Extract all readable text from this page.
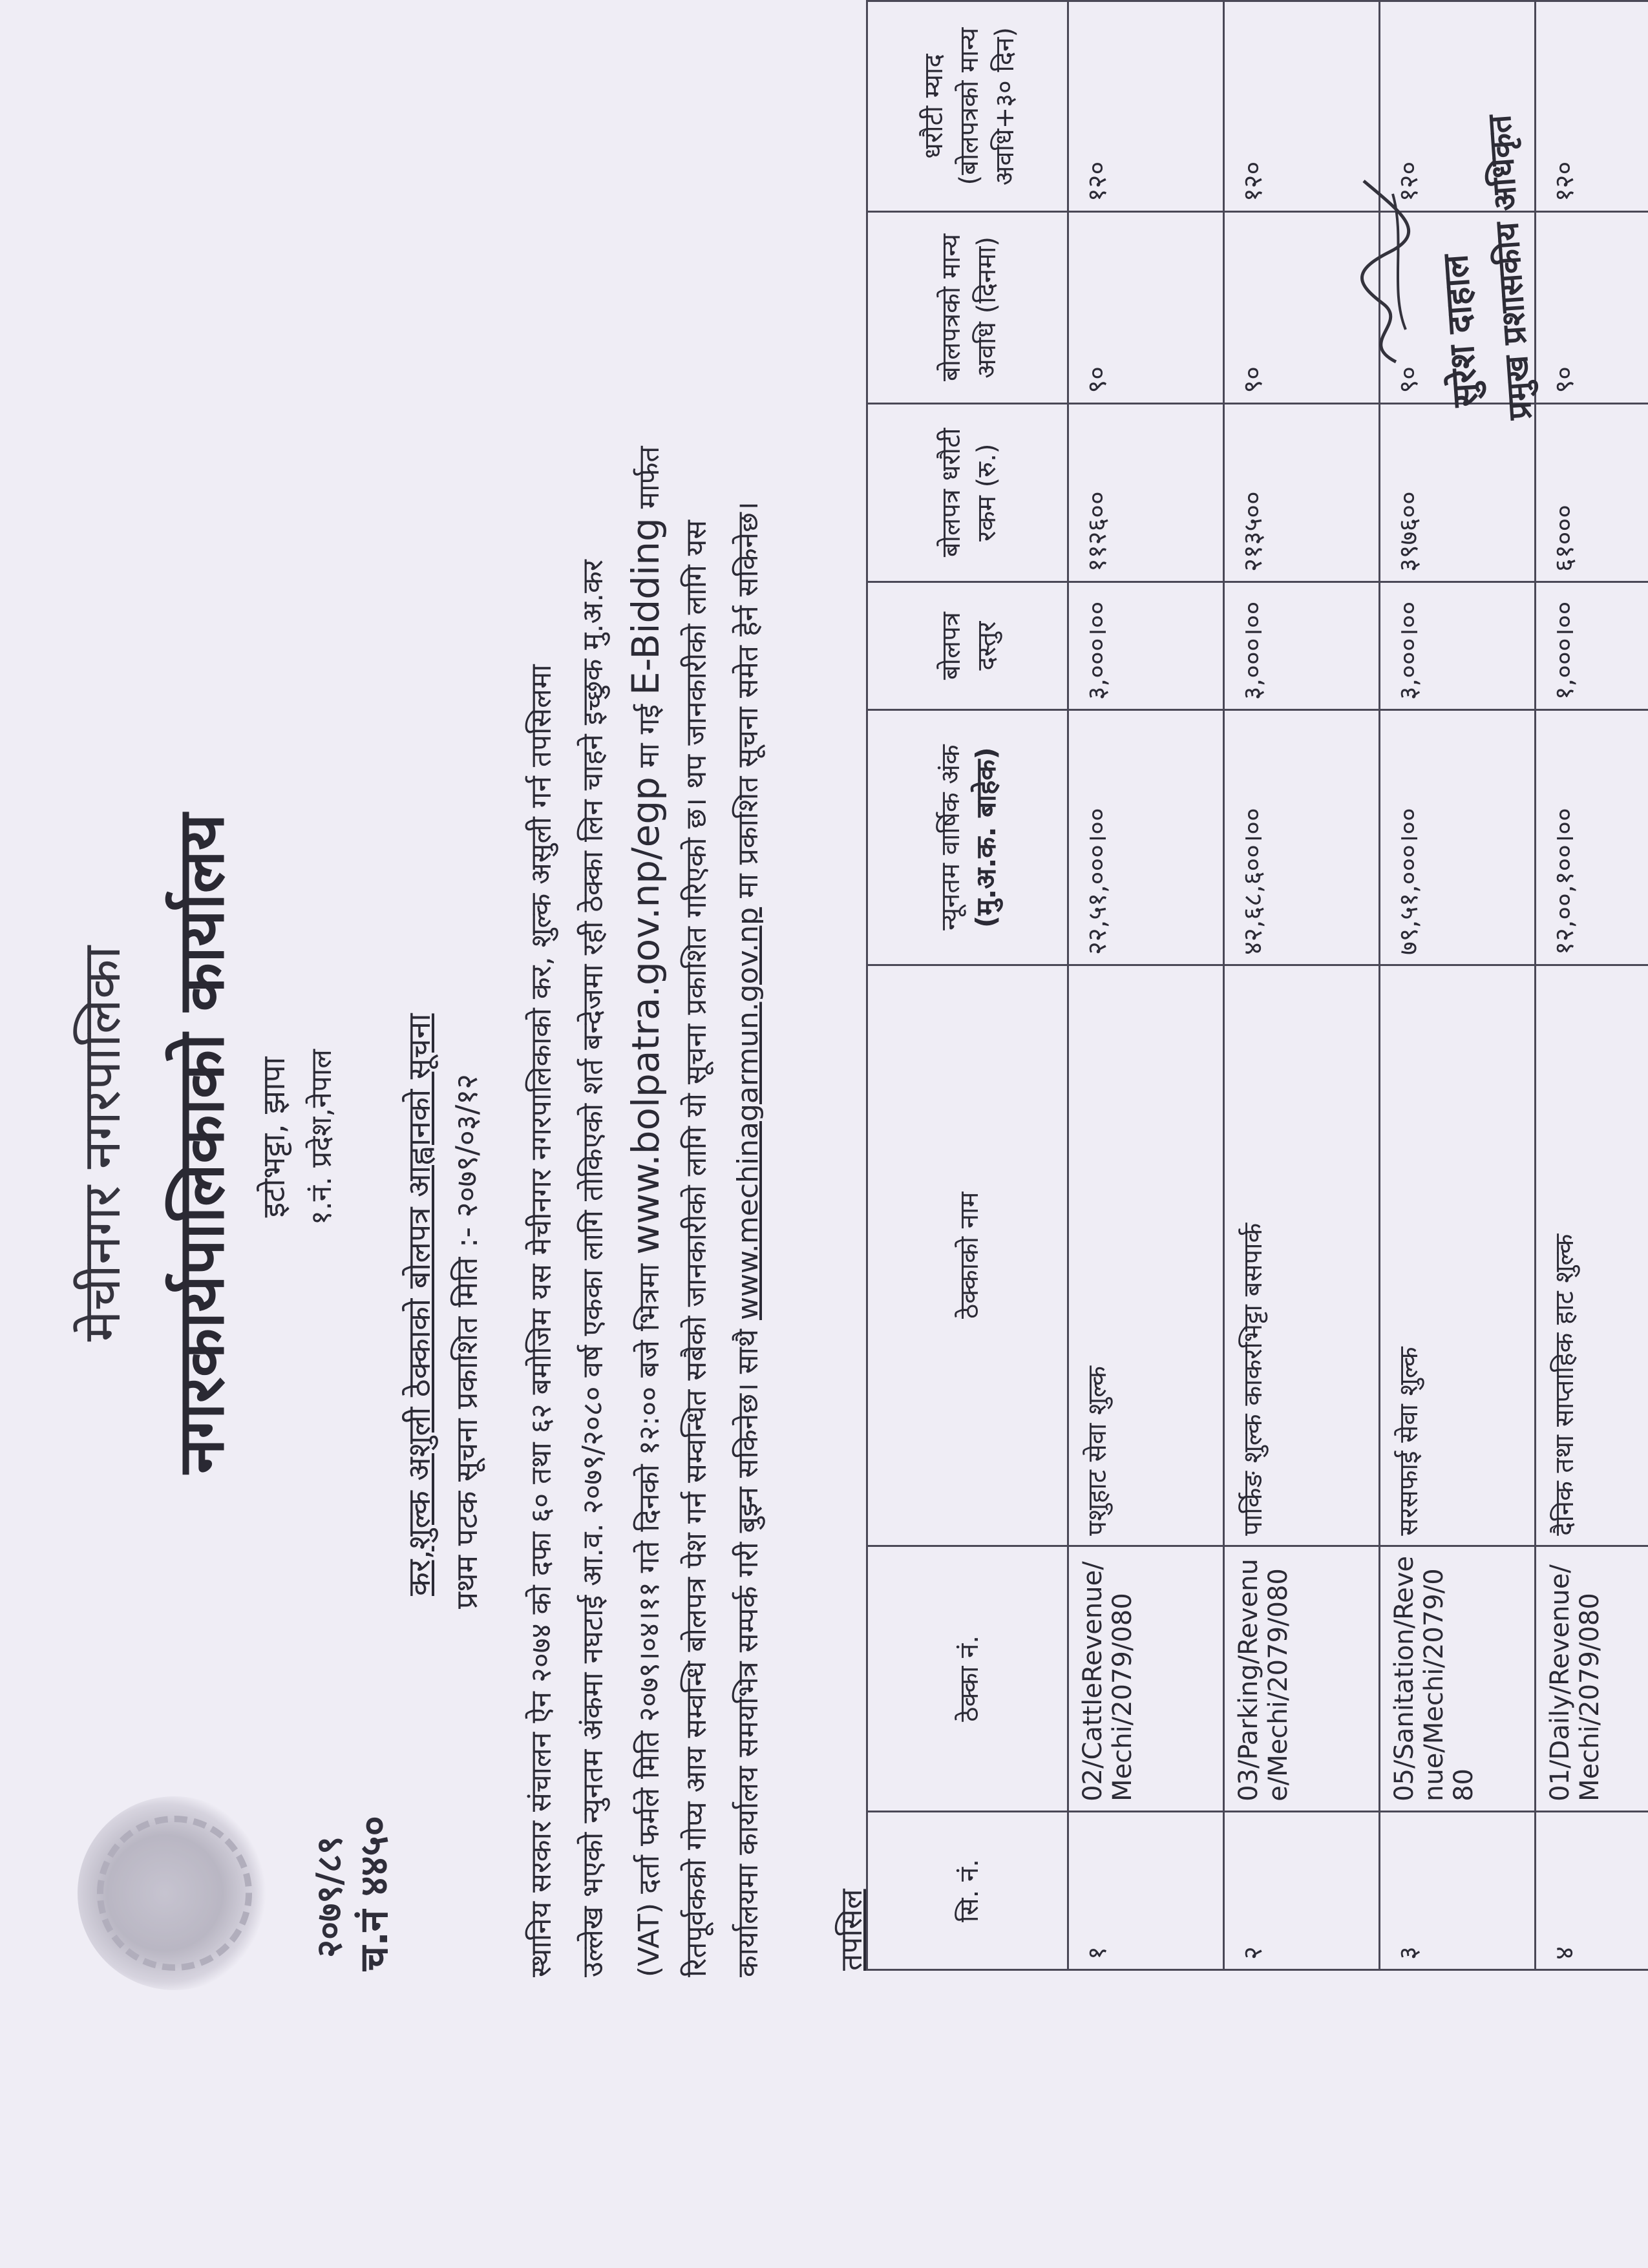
मेचीनगर नगरपालिका नगरकार्यपालिकाको कार्यालय इटोभट्टा, झापा १.नं. प्रदेश,नेपाल
२०७९/८९ च.नं ४४५०
कर,शुल्क अशुली ठेक्काको बोलपत्र आह्वानको सूचना प्रथम पटक सूचना प्रकाशित मिति :- २०७९/०३/१२ स्थानिय सरकार संचालन ऐन २०७४ को दफा ६० तथा ६२ बमोजिम यस मेचीनगर नगरपालिकाको कर, शुल्क असुली गर्न तपसिलमा उल्लेख भएको न्युनतम अंकमा नघटाई आ.व. २०७९/२०८० वर्ष एकका लागि तोकिएको शर्त बन्देजमा रही ठेक्का लिन चाहने इच्छुक मु.अ.कर (VAT) दर्ता फर्मले मिति २०७९।०४।११ गते दिनको १२:०० बजे भित्रमा www.bolpatra.gov.np/egp मा गई E-Bidding मार्फत
रितपूर्वकको गोप्य आय सम्वन्धि बोलपत्र पेश गर्न सम्वन्धित सबैको जानकारीको लागि यो सूचना प्रकाशित गरिएको छ। थप जानकारीको लागि यस कार्यालयमा कार्यालय समयभित्र सम्पर्क गरी बुझ्न सकिनेछ। साथै www.mechinagarmun.gov.np मा प्रकाशित सूचना समेत हेर्न सकिनेछ।
तपसिल	सि. नं.	ठेक्का नं.	ठेक्काको नाम	न्यूनतम वार्षिक अंक (मु.अ.क. बाहेक)	बोलपत्र दस्तुर	बोलपत्र धरौटी रकम (रु.)	बोलपत्रको मान्य अवधि (दिनमा)	धरौटी म्याद (बोलपत्रको मान्य अवधि+३० दिन)
१	02/CattleRevenue/Mechi/2079/080	पशुहाट सेवा शुल्क	२२,५१,०००।००	३,०००।००	११२६००	९०	१२०
२	03/Parking/Revenue/Mechi/2079/080	पार्किङ शुल्क काकरभिट्टा बसपार्क	४२,६८,६००।००	३,०००।००	२१३५००	९०	१२०
३	05/Sanitation/Revenue/Mechi/2079/080	सरसफाई सेवा शुल्क	७९,५१,०००।००	३,०००।००	३९७६००	९०	१२०
४	01/Daily/Revenue/Mechi/2079/080	दैनिक तथा साप्ताहिक हाट शुल्क	१२,००,१००।००	१,०००।००	६१०००	९०	१२०
सुरेश दाहाल
प्रमुख प्रशासकीय अधिकृत
